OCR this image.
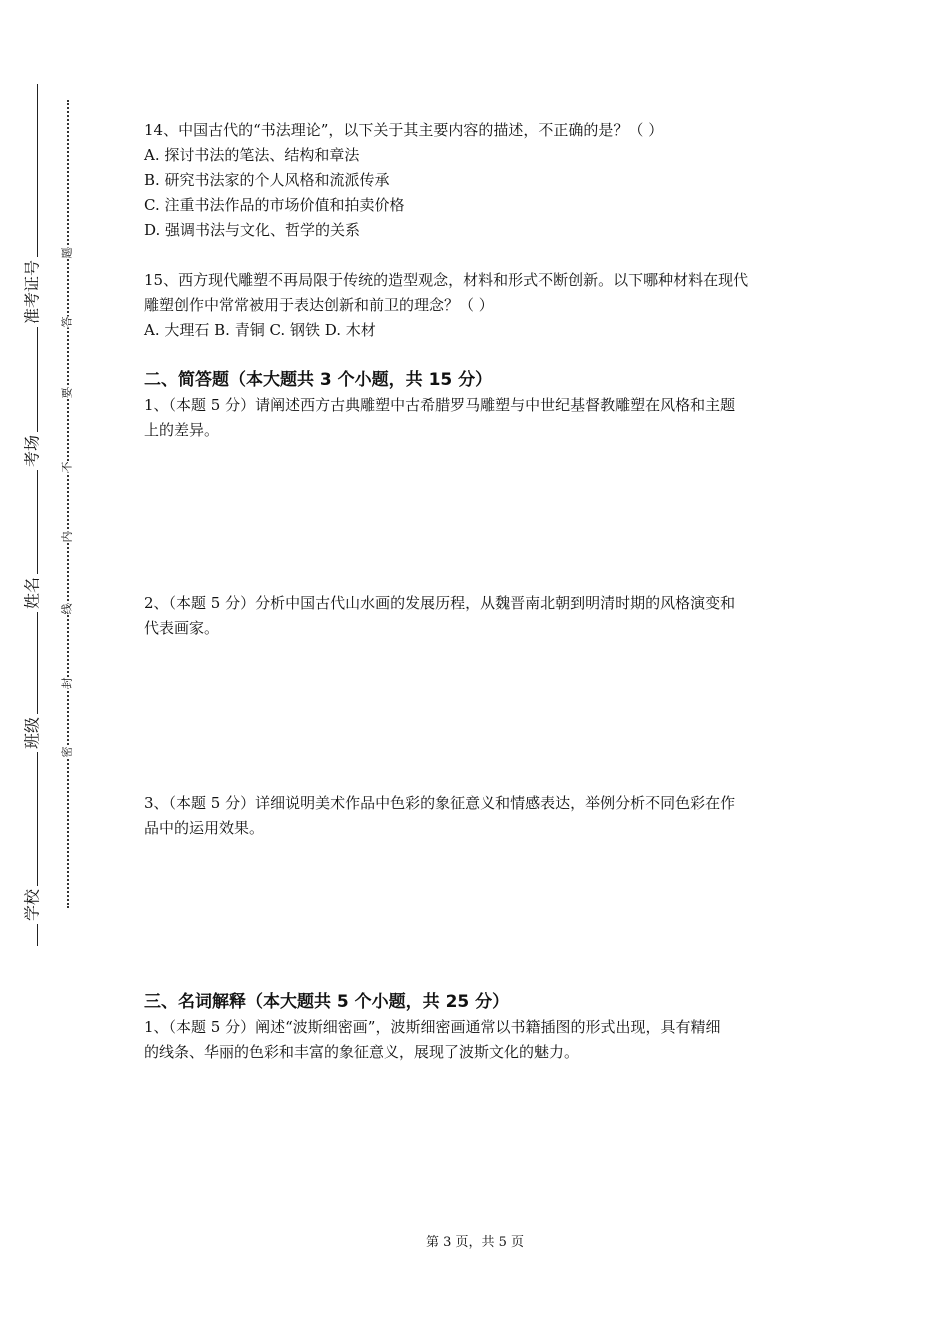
学校
班级
姓名
考场
准考证号
密
封
线
内
不
要
答
题

14、中国古代的“书法理论”，以下关于其主要内容的描述，不正确的是？（ ）

A. 探讨书法的笔法、结构和章法

B. 研究书法家的个人风格和流派传承

C. 注重书法作品的市场价值和拍卖价格

D. 强调书法与文化、哲学的关系

15、西方现代雕塑不再局限于传统的造型观念，材料和形式不断创新。以下哪种材料在现代

雕塑创作中常常被用于表达创新和前卫的理念？（ ）

A. 大理石 B. 青铜 C. 钢铁 D. 木材

二、简答题（本大题共 3 个小题，共 15 分）

1、（本题 5 分）请阐述西方古典雕塑中古希腊罗马雕塑与中世纪基督教雕塑在风格和主题

上的差异。

2、（本题 5 分）分析中国古代山水画的发展历程，从魏晋南北朝到明清时期的风格演变和

代表画家。

3、（本题 5 分）详细说明美术作品中色彩的象征意义和情感表达，举例分析不同色彩在作

品中的运用效果。

三、名词解释（本大题共 5 个小题，共 25 分）

1、（本题 5 分）阐述“波斯细密画”，波斯细密画通常以书籍插图的形式出现，具有精细

的线条、华丽的色彩和丰富的象征意义，展现了波斯文化的魅力。

第 3 页，共 5 页
